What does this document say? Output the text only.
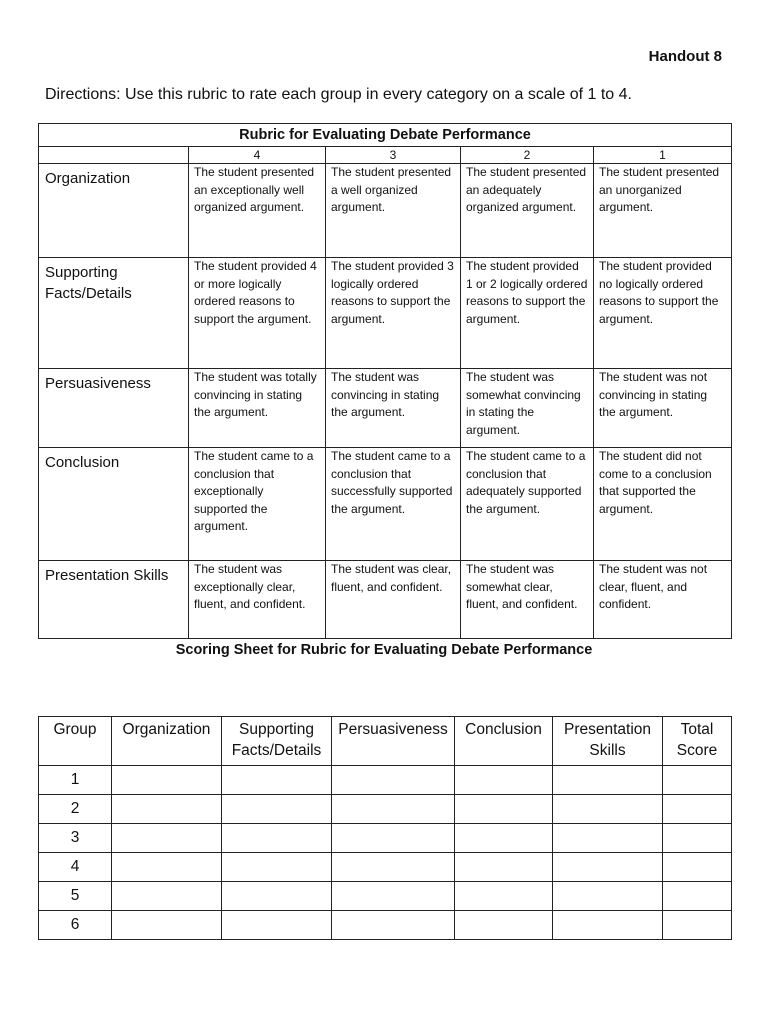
Handout 8
Directions: Use this rubric to rate each group in every category on a scale of 1 to 4.
Rubric for Evaluating Debate Performance				
	4	3	2	1
Organization	The student presented an exceptionally well organized argument.	The student presented a well organized argument.	The student presented an adequately organized argument.	The student presented an unorganized argument.
Supporting Facts/Details	The student provided 4 or more logically ordered reasons to support the argument.	The student provided 3 logically ordered reasons to support the argument.	The student provided 1 or 2 logically ordered reasons to support the argument.	The student provided no logically ordered reasons to support the argument.
Persuasiveness	The student was totally convincing in stating the argument.	The student was convincing in stating the argument.	The student was somewhat convincing in stating the argument.	The student was not convincing in stating the argument.
Conclusion	The student came to a conclusion that exceptionally supported the argument.	The student came to a conclusion that successfully supported the argument.	The student came to a conclusion that adequately supported the argument.	The student did not come to a conclusion that supported the argument.
Presentation Skills	The student was exceptionally clear, fluent, and confident.	The student was clear, fluent, and confident.	The student was somewhat clear, fluent, and confident.	The student was not clear, fluent, and confident.
Scoring Sheet for Rubric for Evaluating Debate Performance
Group	Organization	Supporting Facts/Details	Persuasiveness	Conclusion	Presentation Skills	Total Score
1						
2						
3						
4						
5						
6						
